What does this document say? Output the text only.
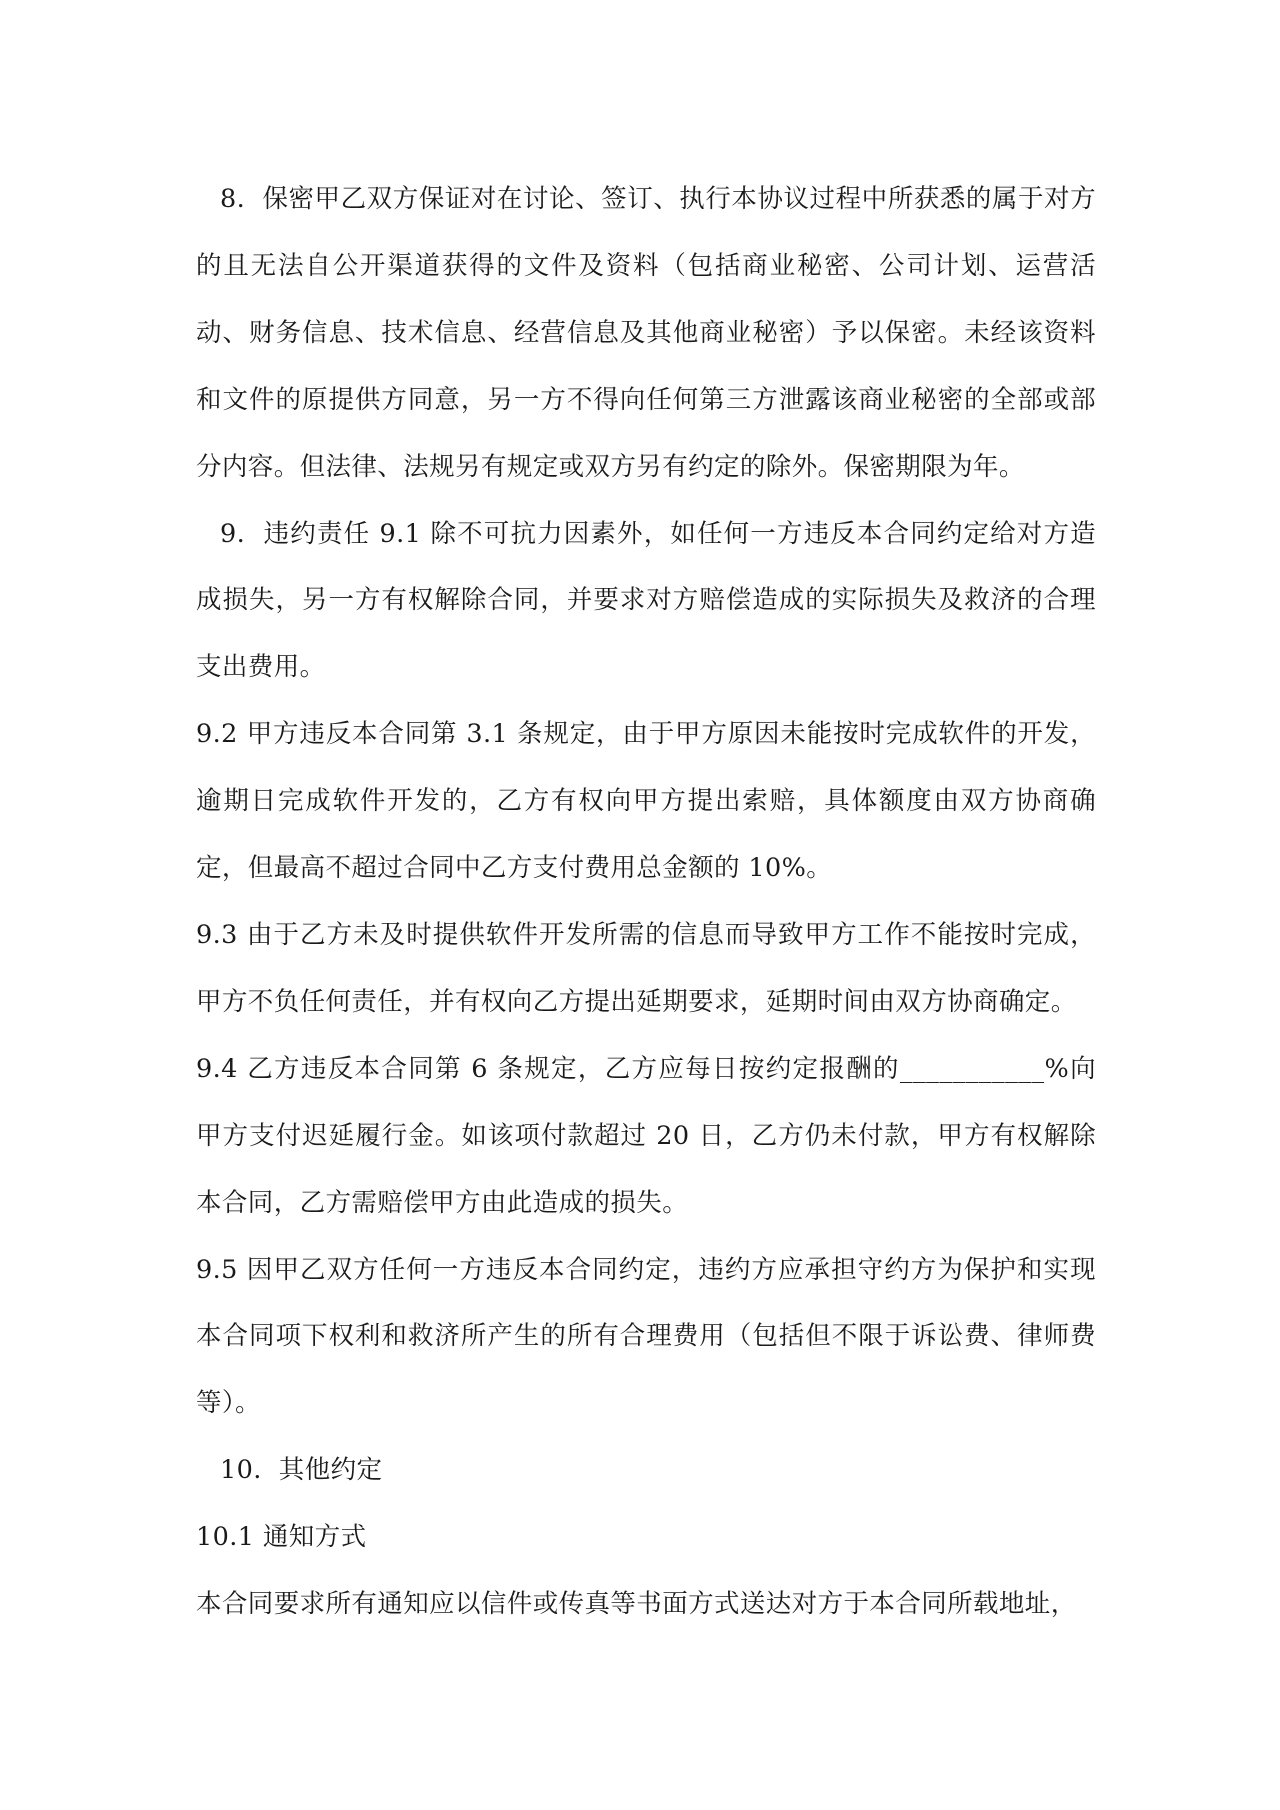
8.  保密甲乙双方保证对在讨论、签订、执行本协议过程中所获悉的属于对方的且无法自公开渠道获得的文件及资料（包括商业秘密、公司计划、运营活动、财务信息、技术信息、经营信息及其他商业秘密）予以保密。未经该资料和文件的原提供方同意，另一方不得向任何第三方泄露该商业秘密的全部或部分内容。但法律、法规另有规定或双方另有约定的除外。保密期限为年。

9.  违约责任 9.1 除不可抗力因素外，如任何一方违反本合同约定给对方造成损失，另一方有权解除合同，并要求对方赔偿造成的实际损失及救济的合理支出费用。

9.2 甲方违反本合同第 3.1 条规定，由于甲方原因未能按时完成软件的开发，逾期日完成软件开发的，乙方有权向甲方提出索赔，具体额度由双方协商确定，但最高不超过合同中乙方支付费用总金额的 10%。

9.3 由于乙方未及时提供软件开发所需的信息而导致甲方工作不能按时完成，甲方不负任何责任，并有权向乙方提出延期要求，延期时间由双方协商确定。

9.4 乙方违反本合同第 6 条规定，乙方应每日按约定报酬的___________%向甲方支付迟延履行金。如该项付款超过 20 日，乙方仍未付款，甲方有权解除本合同，乙方需赔偿甲方由此造成的损失。

9.5 因甲乙双方任何一方违反本合同约定，违约方应承担守约方为保护和实现本合同项下权利和救济所产生的所有合理费用（包括但不限于诉讼费、律师费等）。

10.  其他约定

10.1 通知方式

本合同要求所有通知应以信件或传真等书面方式送达对方于本合同所载地址，
